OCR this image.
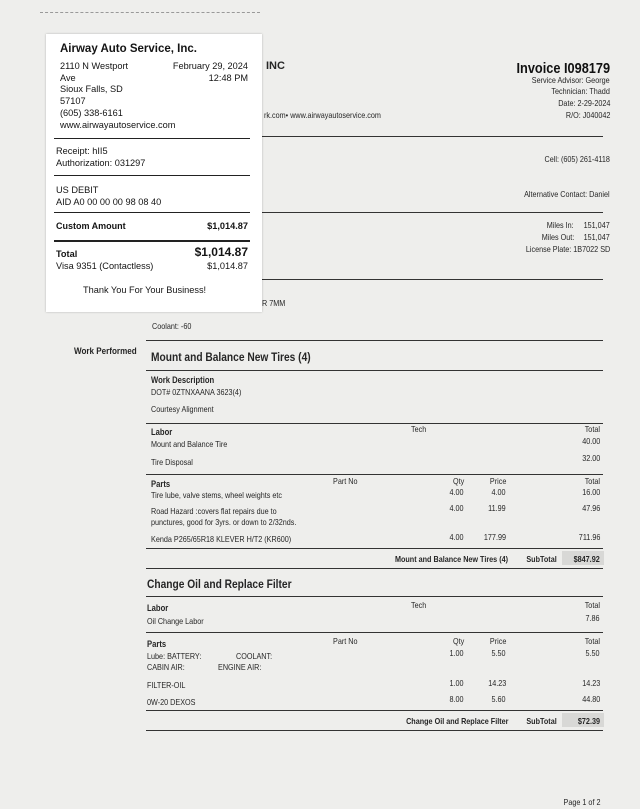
INC
rk.com• www.airwayautoservice.com
Invoice I098179
Service Advisor: George
Technician: Thadd
Date: 2-29-2024
R/O: J040042
Cell: (605) 261-4118
Alternative Contact: Daniel
Miles In: 151,047
Miles Out: 151,047
License Plate: 1B7022 SD
R 7MM
Coolant: -60
Work Performed Mount and Balance New Tires (4)
Work Description
DOT# 0ZTNXAANA 3623(4)
Courtesy Alignment
Labor	Tech	Total
Mount and Balance Tire	40.00
Tire Disposal	32.00
Parts	Part No	Qty	Price	Total
Tire lube, valve stems, wheel weights etc	4.00	4.00	16.00
Road Hazard :covers flat repairs due to
punctures, good for 3yrs. or down to 2/32nds.
4.00	11.99	47.96
Kenda P265/65R18 KLEVER H/T2 (KR600)	4.00 177.99	711.96
Mount and Balance New Tires (4) SubTotal $847.92
Change Oil and Replace Filter
Labor	Tech	Total
Oil Change Labor	7.86
Parts	Part No	Qty	Price	Total
Lube: BATTERY:	COOLANT:
CABIN AIR:	ENGINE AIR:
1.00	5.50	5.50
FILTER-OIL	1.00	14.23	14.23
0W-20 DEXOS	8.00	5.60	44.80
Change Oil and Replace Filter SubTotal $72.39
Page 1 of 2
Airway Auto Service, Inc.
2110 N Westport
Ave
Sioux Falls, SD
57107
(605) 338-6161
www.airwayautoservice.com
February 29, 2024
12:48 PM
Receipt: hII5
Authorization: 031297
US DEBIT
AID A0 00 00 00 98 08 40
Custom Amount	$1,014.87
Total	$1,014.87
Visa 9351 (Contactless)	$1,014.87
Thank You For Your Business!
